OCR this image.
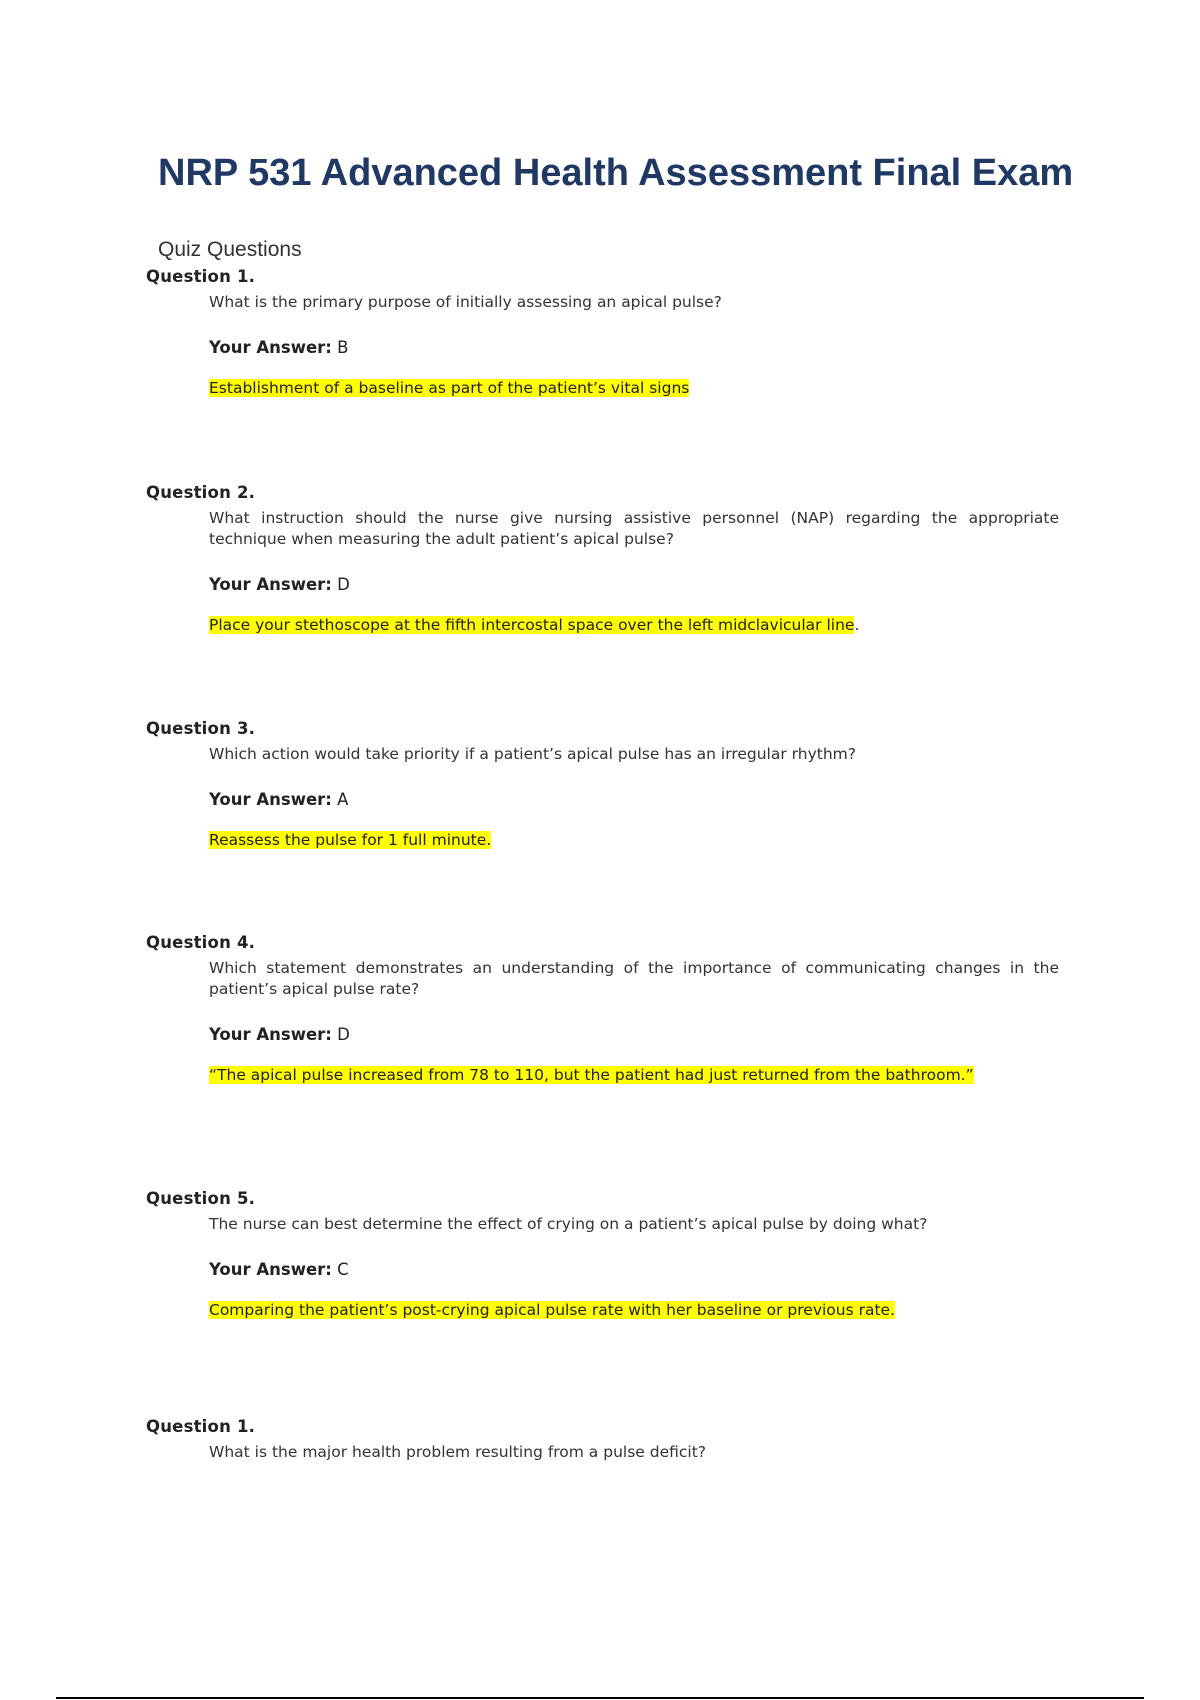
NRP 531 Advanced Health Assessment Final Exam
Quiz Questions
Question 1.
What is the primary purpose of initially assessing an apical pulse?
Your Answer: B
Establishment of a baseline as part of the patient’s vital signs
Question 2.
What instruction should the nurse give nursing assistive personnel (NAP) regarding the appropriate technique when measuring the adult patient’s apical pulse?
Your Answer: D
Place your stethoscope at the fifth intercostal space over the left midclavicular line.
Question 3.
Which action would take priority if a patient’s apical pulse has an irregular rhythm?
Your Answer: A
Reassess the pulse for 1 full minute.
Question 4.
Which statement demonstrates an understanding of the importance of communicating changes in the patient’s apical pulse rate?
Your Answer: D
“The apical pulse increased from 78 to 110, but the patient had just returned from the bathroom.”
Question 5.
The nurse can best determine the effect of crying on a patient’s apical pulse by doing what?
Your Answer: C
Comparing the patient’s post-crying apical pulse rate with her baseline or previous rate.
Question 1.
What is the major health problem resulting from a pulse deficit?
